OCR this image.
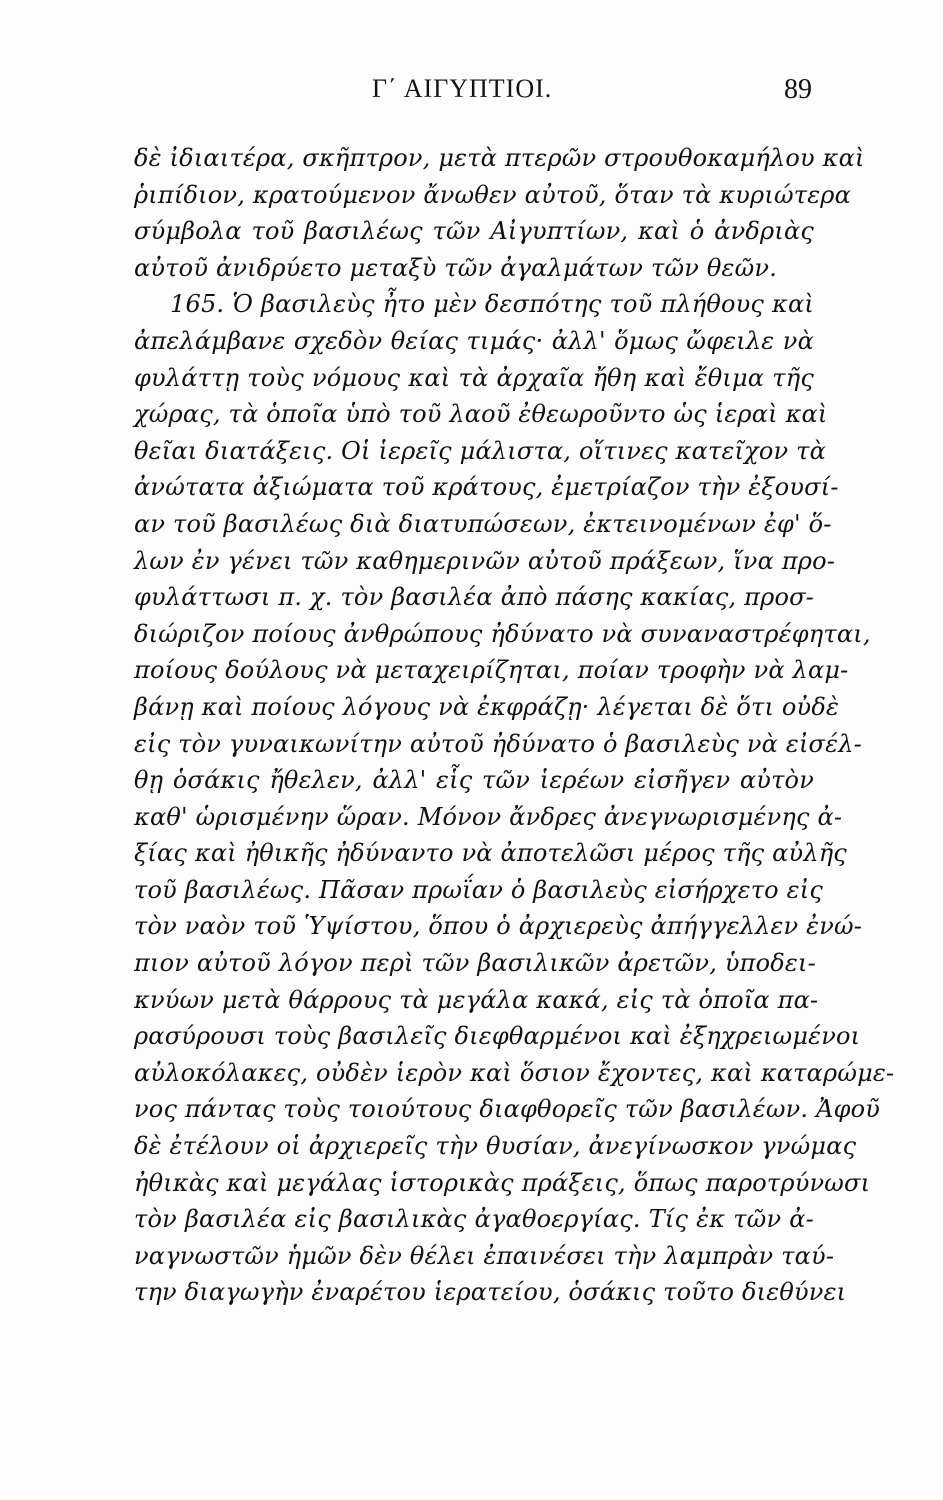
Γ΄ ΑΙΓΥΠΤΙΟΙ.	89
δὲ ἰδιαιτέρα, σκῆπτρον, μετὰ πτερῶν στρουθοκαμήλου καὶ
ῥιπίδιον, κρατούμενον ἄνωθεν αὐτοῦ, ὅταν τὰ κυριώτερα
σύμβολα τοῦ βασιλέως τῶν Αἰγυπτίων, καὶ ὁ ἀνδριὰς
αὐτοῦ ἀνιδρύετο μεταξὺ τῶν ἀγαλμάτων τῶν θεῶν.
165. Ὁ βασιλεὺς ἦτο μὲν δεσπότης τοῦ πλήθους καὶ
ἀπελάμβανε σχεδὸν θείας τιμάς· ἀλλ' ὅμως ὤφειλε νὰ
φυλάττῃ τοὺς νόμους καὶ τὰ ἀρχαῖα ἤθη καὶ ἔθιμα τῆς
χώρας, τὰ ὁποῖα ὑπὸ τοῦ λαοῦ ἐθεωροῦντο ὡς ἱεραὶ καὶ
θεῖαι διατάξεις. Οἱ ἱερεῖς μάλιστα, οἵτινες κατεῖχον τὰ
ἀνώτατα ἀξιώματα τοῦ κράτους, ἐμετρίαζον τὴν ἐξουσί-
αν τοῦ βασιλέως διὰ διατυπώσεων, ἐκτεινομένων ἐφ' ὅ-
λων ἐν γένει τῶν καθημερινῶν αὐτοῦ πράξεων, ἵνα προ-
φυλάττωσι π. χ. τὸν βασιλέα ἀπὸ πάσης κακίας, προσ-
διώριζον ποίους ἀνθρώπους ἠδύνατο νὰ συναναστρέφηται,
ποίους δούλους νὰ μεταχειρίζηται, ποίαν τροφὴν νὰ λαμ-
βάνῃ καὶ ποίους λόγους νὰ ἐκφράζῃ· λέγεται δὲ ὅτι οὐδὲ
εἰς τὸν γυναικωνίτην αὐτοῦ ἠδύνατο ὁ βασιλεὺς νὰ εἰσέλ-
θῃ ὁσάκις ἤθελεν, ἀλλ' εἷς τῶν ἱερέων εἰσῆγεν αὐτὸν
καθ' ὡρισμένην ὥραν. Μόνον ἄνδρες ἀνεγνωρισμένης ἀ-
ξίας καὶ ἠθικῆς ἠδύναντο νὰ ἀποτελῶσι μέρος τῆς αὐλῆς
τοῦ βασιλέως. Πᾶσαν πρωΐαν ὁ βασιλεὺς εἰσήρχετο εἰς
τὸν ναὸν τοῦ Ὑψίστου, ὅπου ὁ ἀρχιερεὺς ἀπήγγελλεν ἐνώ-
πιον αὐτοῦ λόγον περὶ τῶν βασιλικῶν ἀρετῶν, ὑποδει-
κνύων μετὰ θάρρους τὰ μεγάλα κακά, εἰς τὰ ὁποῖα πα-
ρασύρουσι τοὺς βασιλεῖς διεφθαρμένοι καὶ ἐξηχρειωμένοι
αὐλοκόλακες, οὐδὲν ἱερὸν καὶ ὅσιον ἔχοντες, καὶ καταρώμε-
νος πάντας τοὺς τοιούτους διαφθορεῖς τῶν βασιλέων. Ἀφοῦ
δὲ ἐτέλουν οἱ ἀρχιερεῖς τὴν θυσίαν, ἀνεγίνωσκον γνώμας
ἠθικὰς καὶ μεγάλας ἱστορικὰς πράξεις, ὅπως παροτρύνωσι
τὸν βασιλέα εἰς βασιλικὰς ἀγαθοεργίας. Τίς ἐκ τῶν ἀ-
ναγνωστῶν ἡμῶν δὲν θέλει ἐπαινέσει τὴν λαμπρὰν ταύ-
την διαγωγὴν ἐναρέτου ἱερατείου, ὁσάκις τοῦτο διεθύνει
